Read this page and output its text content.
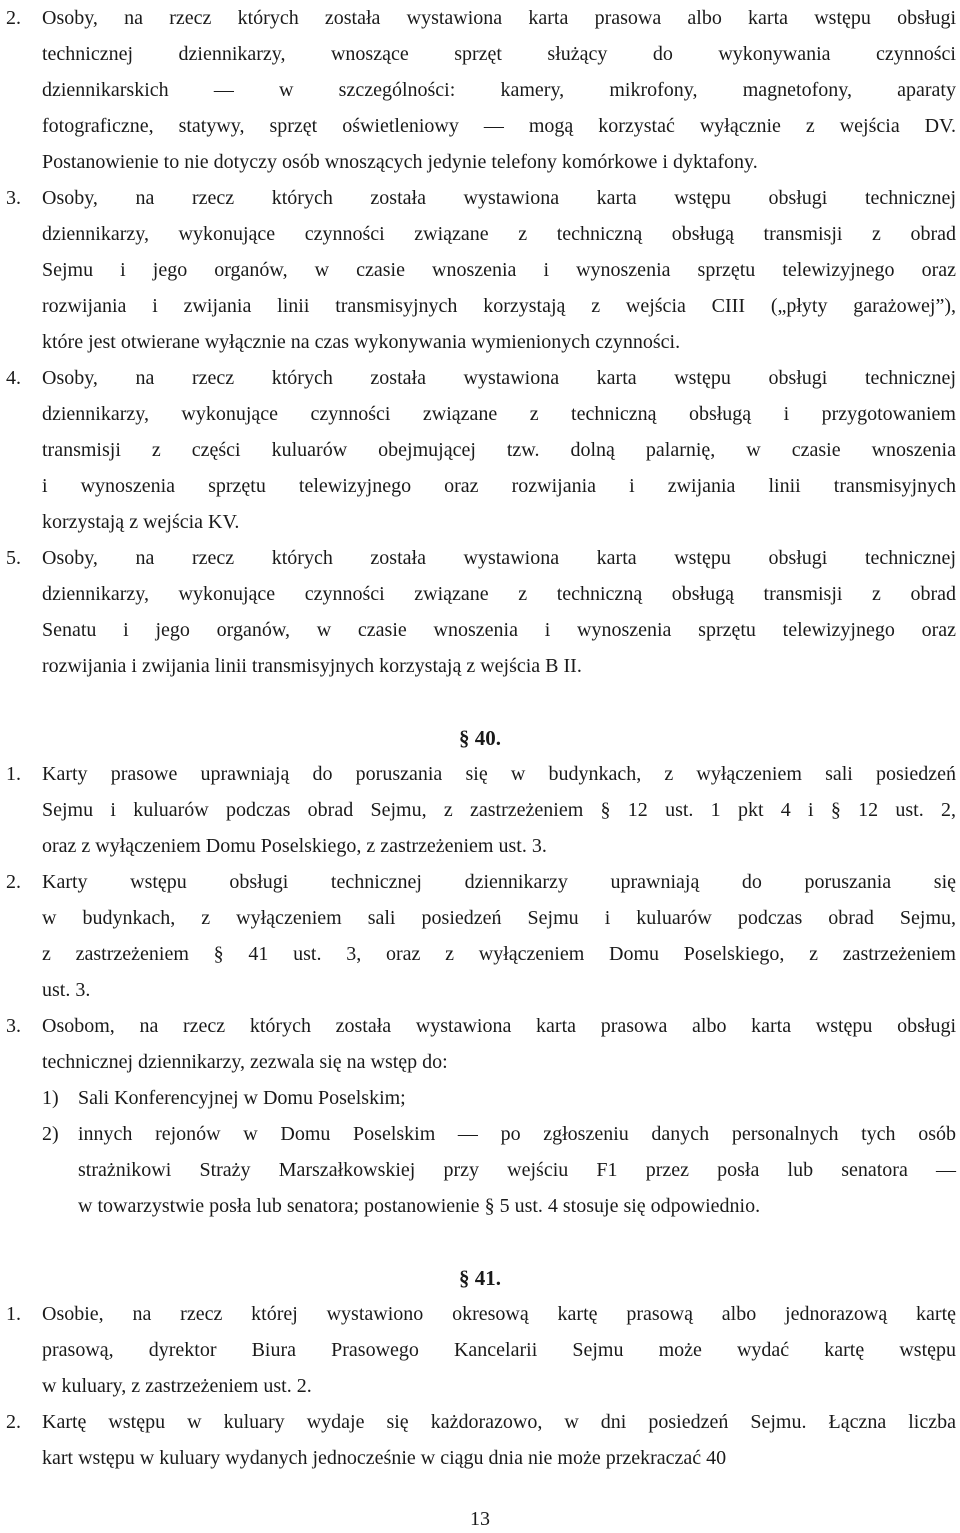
2. Osoby, na rzecz których została wystawiona karta prasowa albo karta wstępu obsługi
technicznej dziennikarzy, wnoszące sprzęt służący do wykonywania czynności
dziennikarskich — w szczególności: kamery, mikrofony, magnetofony, aparaty
fotograficzne, statywy, sprzęt oświetleniowy — mogą korzystać wyłącznie z wejścia DV.
Postanowienie to nie dotyczy osób wnoszących jedynie telefony komórkowe i dyktafony.
3. Osoby, na rzecz których została wystawiona karta wstępu obsługi technicznej
dziennikarzy, wykonujące czynności związane z techniczną obsługą transmisji z obrad
Sejmu i jego organów, w czasie wnoszenia i wynoszenia sprzętu telewizyjnego oraz
rozwijania i zwijania linii transmisyjnych korzystają z wejścia CIII („płyty garażowej”),
które jest otwierane wyłącznie na czas wykonywania wymienionych czynności.
4. Osoby, na rzecz których została wystawiona karta wstępu obsługi technicznej
dziennikarzy, wykonujące czynności związane z techniczną obsługą i przygotowaniem
transmisji z części kuluarów obejmującej tzw. dolną palarnię, w czasie wnoszenia
i wynoszenia sprzętu telewizyjnego oraz rozwijania i zwijania linii transmisyjnych
korzystają z wejścia KV.
5. Osoby, na rzecz których została wystawiona karta wstępu obsługi technicznej
dziennikarzy, wykonujące czynności związane z techniczną obsługą transmisji z obrad
Senatu i jego organów, w czasie wnoszenia i wynoszenia sprzętu telewizyjnego oraz
rozwijania i zwijania linii transmisyjnych korzystają z wejścia B II.
§ 40.
1. Karty prasowe uprawniają do poruszania się w budynkach, z wyłączeniem sali posiedzeń
Sejmu i kuluarów podczas obrad Sejmu, z zastrzeżeniem § 12 ust. 1 pkt 4 i § 12 ust. 2,
oraz z wyłączeniem Domu Poselskiego, z zastrzeżeniem ust. 3.
2. Karty wstępu obsługi technicznej dziennikarzy uprawniają do poruszania się
w budynkach, z wyłączeniem sali posiedzeń Sejmu i kuluarów podczas obrad Sejmu,
z zastrzeżeniem § 41 ust. 3, oraz z wyłączeniem Domu Poselskiego, z zastrzeżeniem
ust. 3.
3. Osobom, na rzecz których została wystawiona karta prasowa albo karta wstępu obsługi
technicznej dziennikarzy, zezwala się na wstęp do:
1) Sali Konferencyjnej w Domu Poselskim;
2) innych rejonów w Domu Poselskim — po zgłoszeniu danych personalnych tych osób
strażnikowi Straży Marszałkowskiej przy wejściu F1 przez posła lub senatora —
w towarzystwie posła lub senatora; postanowienie § 5 ust. 4 stosuje się odpowiednio.
§ 41.
1. Osobie, na rzecz której wystawiono okresową kartę prasową albo jednorazową kartę
prasową, dyrektor Biura Prasowego Kancelarii Sejmu może wydać kartę wstępu
w kuluary, z zastrzeżeniem ust. 2.
2. Kartę wstępu w kuluary wydaje się każdorazowo, w dni posiedzeń Sejmu. Łączna liczba
kart wstępu w kuluary wydanych jednocześnie w ciągu dnia nie może przekraczać 40
13
